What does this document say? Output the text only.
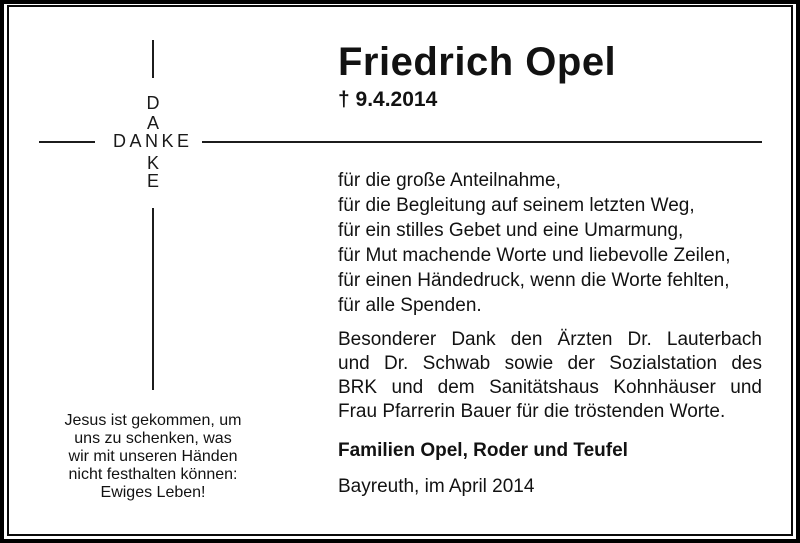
D
A
DANKE
K
E
Friedrich Opel
† 9.4.2014
für die große Anteilnahme,
für die Begleitung auf seinem letzten Weg,
für ein stilles Gebet und eine Umarmung,
für Mut machende Worte und liebevolle Zeilen,
für einen Händedruck, wenn die Worte fehlten,
für alle Spenden.
Besonderer Dank den Ärzten Dr. Lauterbach
und Dr. Schwab sowie der Sozialstation des
BRK und dem Sanitätshaus Kohnhäuser und
Frau Pfarrerin Bauer für die tröstenden Worte.
Familien Opel, Roder und Teufel
Bayreuth, im April 2014
Jesus ist gekommen, um
uns zu schenken, was
wir mit unseren Händen
nicht festhalten können:
Ewiges Leben!
